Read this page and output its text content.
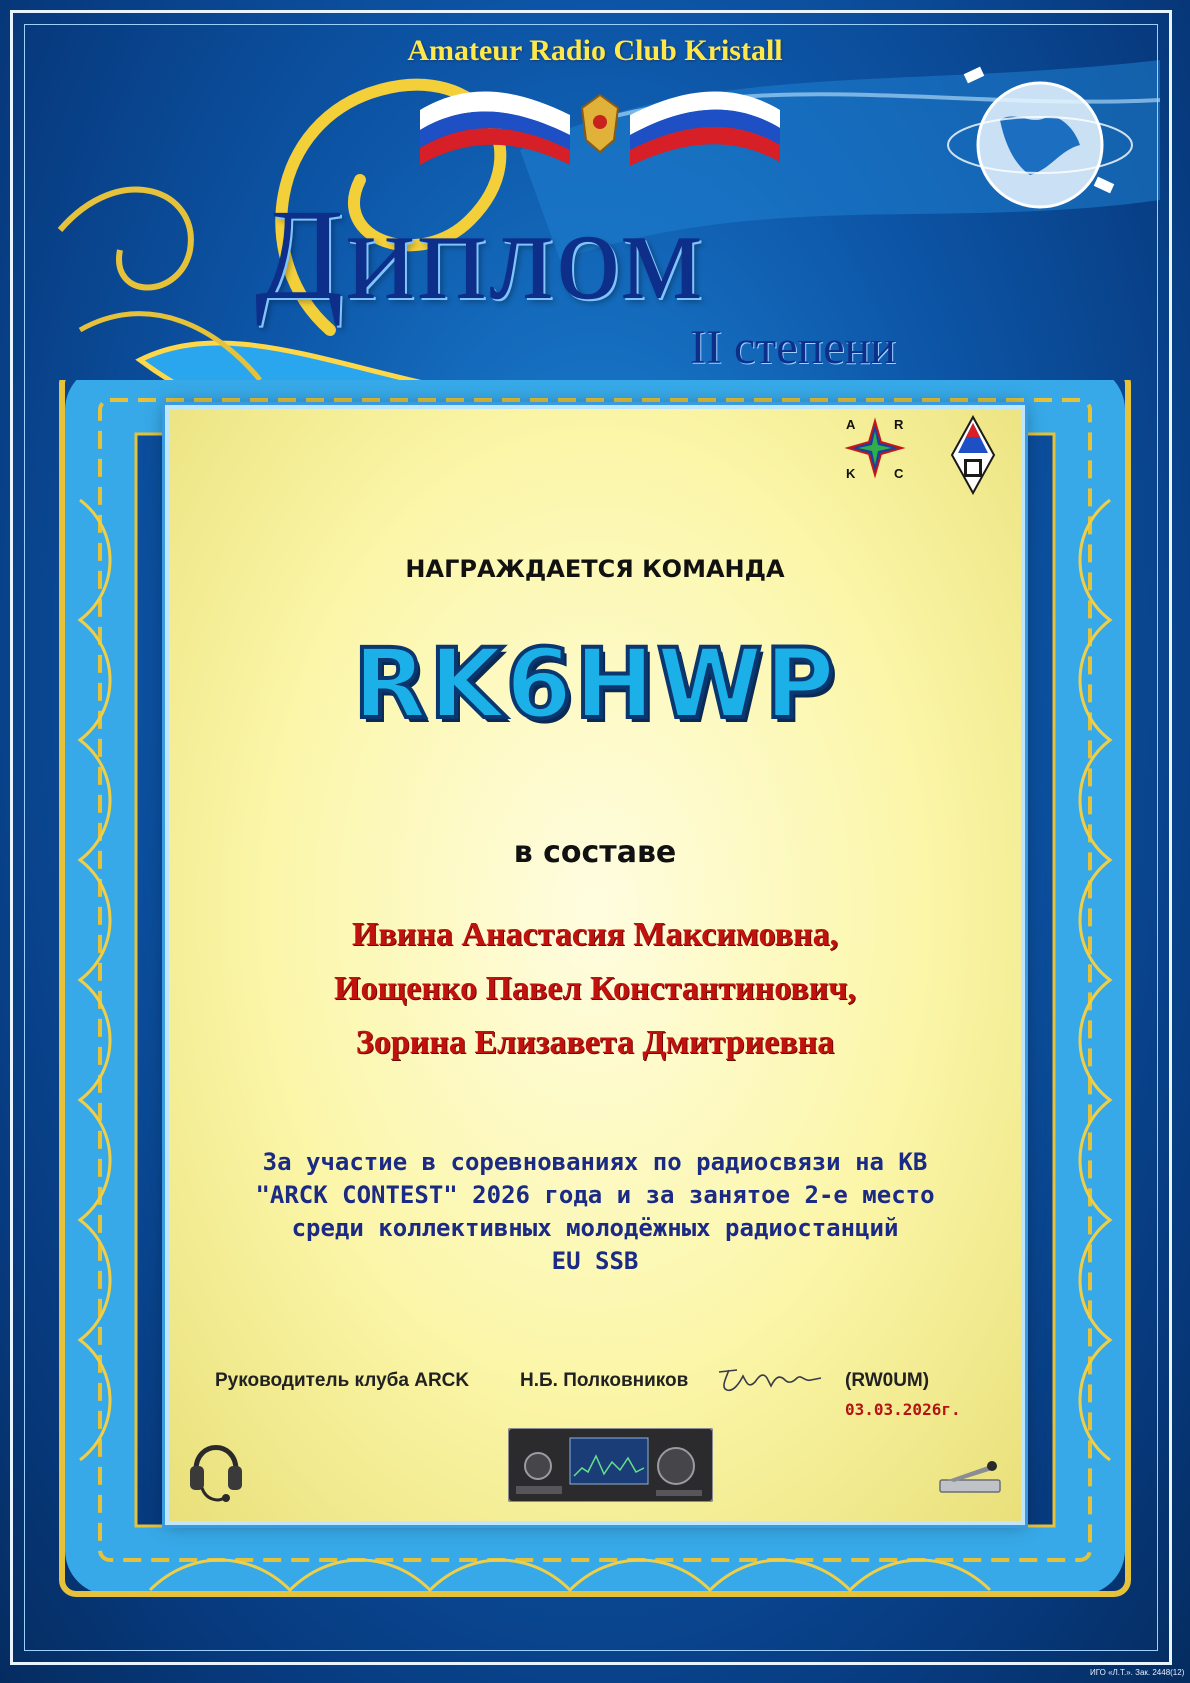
Amateur Radio Club Kristall
Диплом
II степени
A	R
K	C
НАГРАЖДАЕТСЯ КОМАНДА
RK6HWP
в составе
Ивина Анастасия Максимовна,
Иощенко Павел Константинович,
Зорина Елизавета Дмитриевна
За участие в соревнованиях по радиосвязи на КВ
"ARCK CONTEST" 2026 года и за занятое 2-е место
среди коллективных молодёжных радиостанций
EU SSB
Руководитель клуба ARCK	Н.Б. Полковников	(RW0UM)
03.03.2026г.
ИГО «Л.Т.». Зак. 2448(12)
